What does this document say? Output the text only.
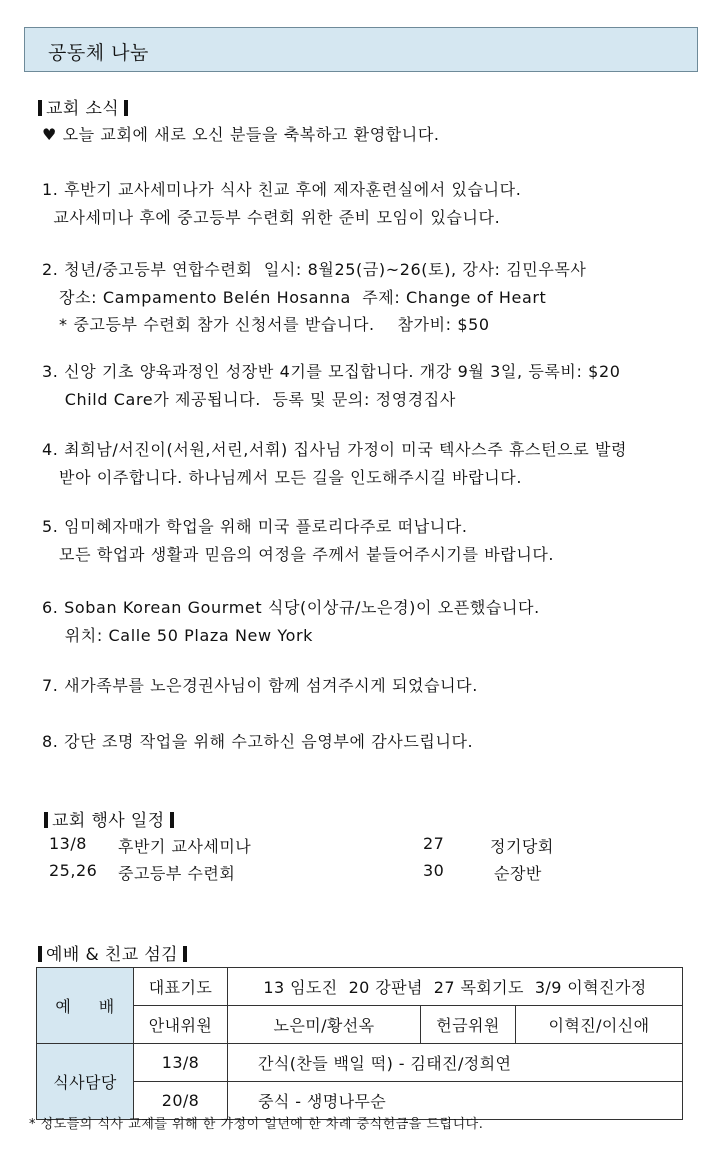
공동체 나눔
교회 소식
♥ 오늘 교회에 새로 오신 분들을 축복하고 환영합니다.
1. 후반기 교사세미나가 식사 친교 후에 제자훈련실에서 있습니다.
교사세미나 후에 중고등부 수련회 위한 준비 모임이 있습니다.
2. 청년/중고등부 연합수련회  일시: 8월25(금)~26(토), 강사: 김민우목사
장소: Campamento Belén Hosanna  주제: Change of Heart
* 중고등부 수련회 참가 신청서를 받습니다.    참가비: $50
3. 신앙 기초 양육과정인 성장반 4기를 모집합니다. 개강 9월 3일, 등록비: $20
Child Care가 제공됩니다.  등록 및 문의: 정영경집사
4. 최희남/서진이(서원,서린,서휘) 집사님 가정이 미국 텍사스주 휴스턴으로 발령
받아 이주합니다. 하나님께서 모든 길을 인도해주시길 바랍니다.
5. 임미혜자매가 학업을 위해 미국 플로리다주로 떠납니다.
모든 학업과 생활과 믿음의 여정을 주께서 붙들어주시기를 바랍니다.
6. Soban Korean Gourmet 식당(이상규/노은경)이 오픈했습니다.
위치: Calle 50 Plaza New York
7. 새가족부를 노은경권사님이 함께 섬겨주시게 되었습니다.
8. 강단 조명 작업을 위해 수고하신 음영부에 감사드립니다.
교회 행사 일정
13/8 후반기 교사세미나	27	정기당회
25,26 중고등부 수련회	30	순장반
예배 & 친교 섬김
예     배	대표기도	13 임도진  20 강판념  27 목회기도  3/9 이혁진가정		
	안내위원	노은미/황선옥	헌금위원	이혁진/이신애
식사담당	13/8	간식(찬들 백일 떡) - 김태진/정희연		
	20/8	중식 - 생명나무순		
* 성도들의 식사 교제를 위해 한 가정이 일년에 한 차례 중식헌금을 드립니다.
